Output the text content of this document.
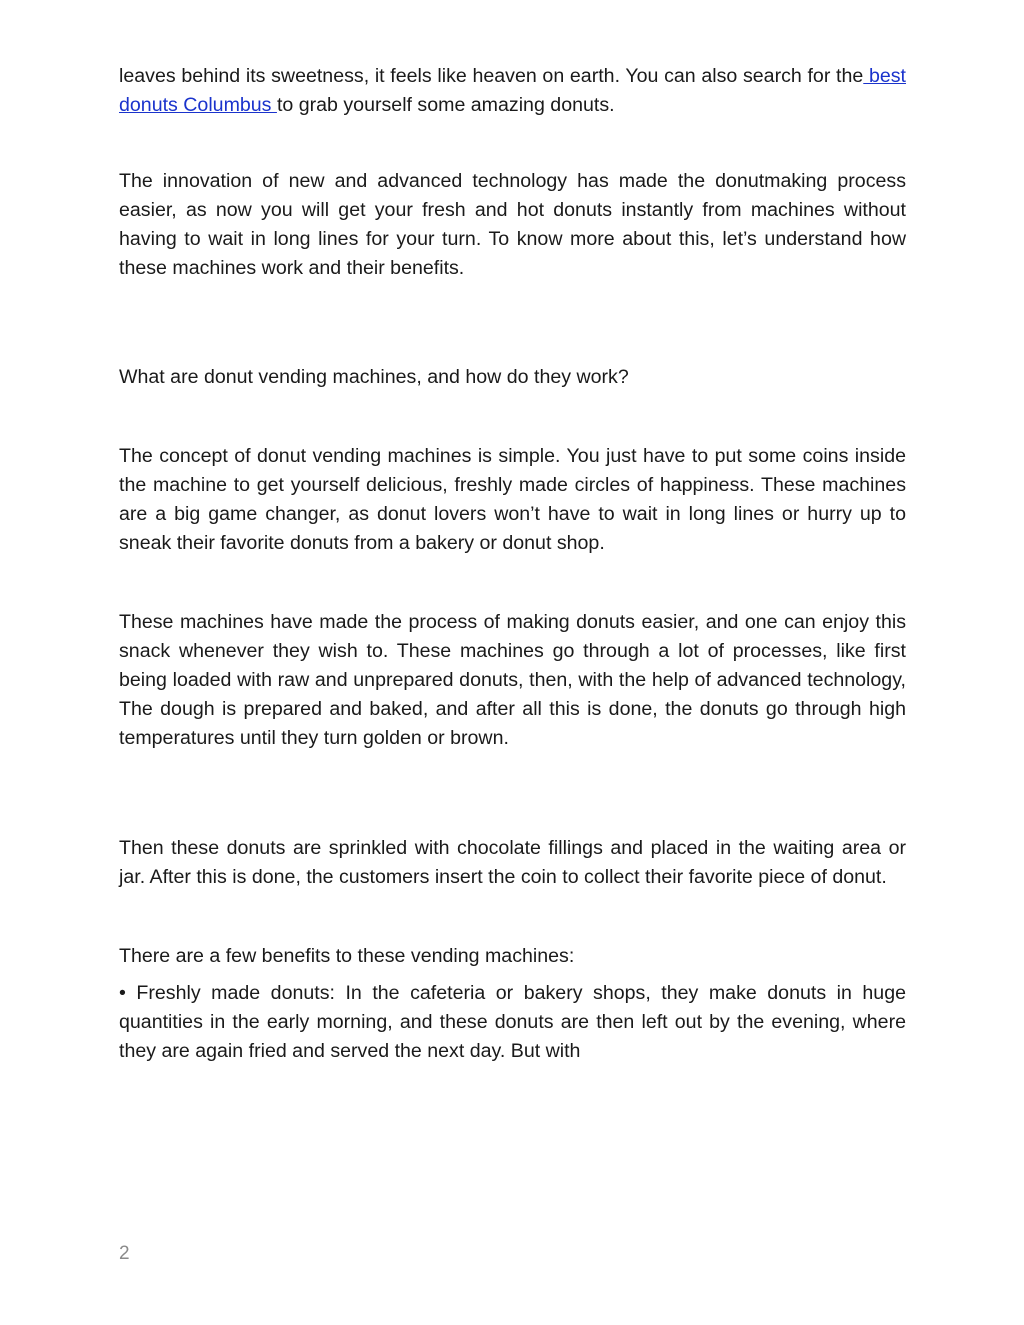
leaves behind its sweetness, it feels like heaven on earth. You can also search for the best donuts Columbus to grab yourself some amazing donuts.

The innovation of new and advanced technology has made the donutmaking process easier, as now you will get your fresh and hot donuts instantly from machines without having to wait in long lines for your turn. To know more about this, let’s understand how these machines work and their benefits.

What are donut vending machines, and how do they work?

The concept of donut vending machines is simple. You just have to put some coins inside the machine to get yourself delicious, freshly made circles of happiness. These machines are a big game changer, as donut lovers won’t have to wait in long lines or hurry up to sneak their favorite donuts from a bakery or donut shop.

These machines have made the process of making donuts easier, and one can enjoy this snack whenever they wish to. These machines go through a lot of processes, like first being loaded with raw and unprepared donuts, then, with the help of advanced technology, The dough is prepared and baked, and after all this is done, the donuts go through high temperatures until they turn golden or brown.

Then these donuts are sprinkled with chocolate fillings and placed in the waiting area or jar. After this is done, the customers insert the coin to collect their favorite piece of donut.

There are a few benefits to these vending machines:

• Freshly made donuts: In the cafeteria or bakery shops, they make donuts in huge quantities in the early morning, and these donuts are then left out by the evening, where they are again fried and served the next day. But with

2
